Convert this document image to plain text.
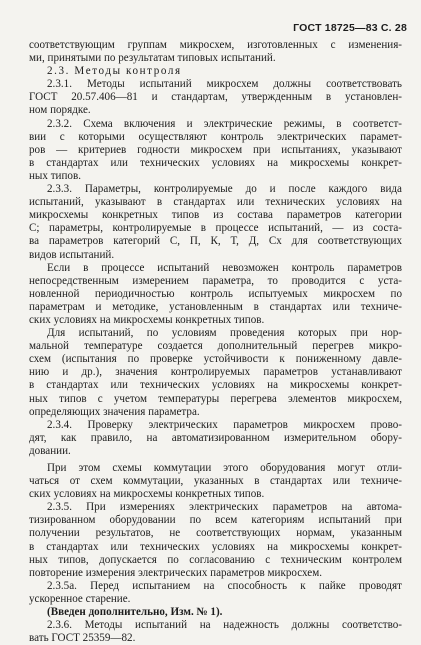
ГОСТ 18725—83 С. 28
соответствующим группам микросхем, изготовленных с изменения-
ми, принятыми по результатам типовых испытаний.
2.3. Методы контроля
2.3.1. Методы испытаний микросхем должны соответствовать
ГОСТ 20.57.406—81 и стандартам, утвержденным в установлен-
ном порядке.
2.3.2. Схема включения и электрические режимы, в соответст-
вии с которыми осуществляют контроль электрических парамет-
ров — критериев годности микросхем при испытаниях, указывают
в стандартах или технических условиях на микросхемы конкрет-
ных типов.
2.3.3. Параметры, контролируемые до и после каждого вида
испытаний, указывают в стандартах или технических условиях на
микросхемы конкретных типов из состава параметров категории
С; параметры, контролируемые в процессе испытаний, — из соста-
ва параметров категорий С, П, К, Т, Д, Сх для соответствующих
видов испытаний.
Если в процессе испытаний невозможен контроль параметров
непосредственным измерением параметра, то проводится с уста-
новленной периодичностью контроль испытуемых микросхем по
параметрам и методике, установленным в стандартах или техниче-
ских условиях на микросхемы конкретных типов.
Для испытаний, по условиям проведения которых при нор-
мальной температуре создается дополнительный перегрев микро-
схем (испытания по проверке устойчивости к пониженному давле-
нию и др.), значения контролируемых параметров устанавливают
в стандартах или технических условиях на микросхемы конкрет-
ных типов с учетом температуры перегрева элементов микросхем,
определяющих значения параметра.
2.3.4. Проверку электрических параметров микросхем прово-
дят, как правило, на автоматизированном измерительном обору-
довании.
При этом схемы коммутации этого оборудования могут отли-
чаться от схем коммутации, указанных в стандартах или техниче-
ских условиях на микросхемы конкретных типов.
2.3.5. При измерениях электрических параметров на автома-
тизированном оборудовании по всем категориям испытаний при
получении результатов, не соответствующих нормам, указанным
в стандартах или технических условиях на микросхемы конкрет-
ных типов, допускается по согласованию с техническим контролем
повторение измерения электрических параметров микросхем.
2.3.5а. Перед испытанием на способность к пайке проводят
ускоренное старение.
(Введен дополнительно, Изм. № 1).
2.3.6. Методы испытаний на надежность должны соответство-
вать ГОСТ 25359—82.
